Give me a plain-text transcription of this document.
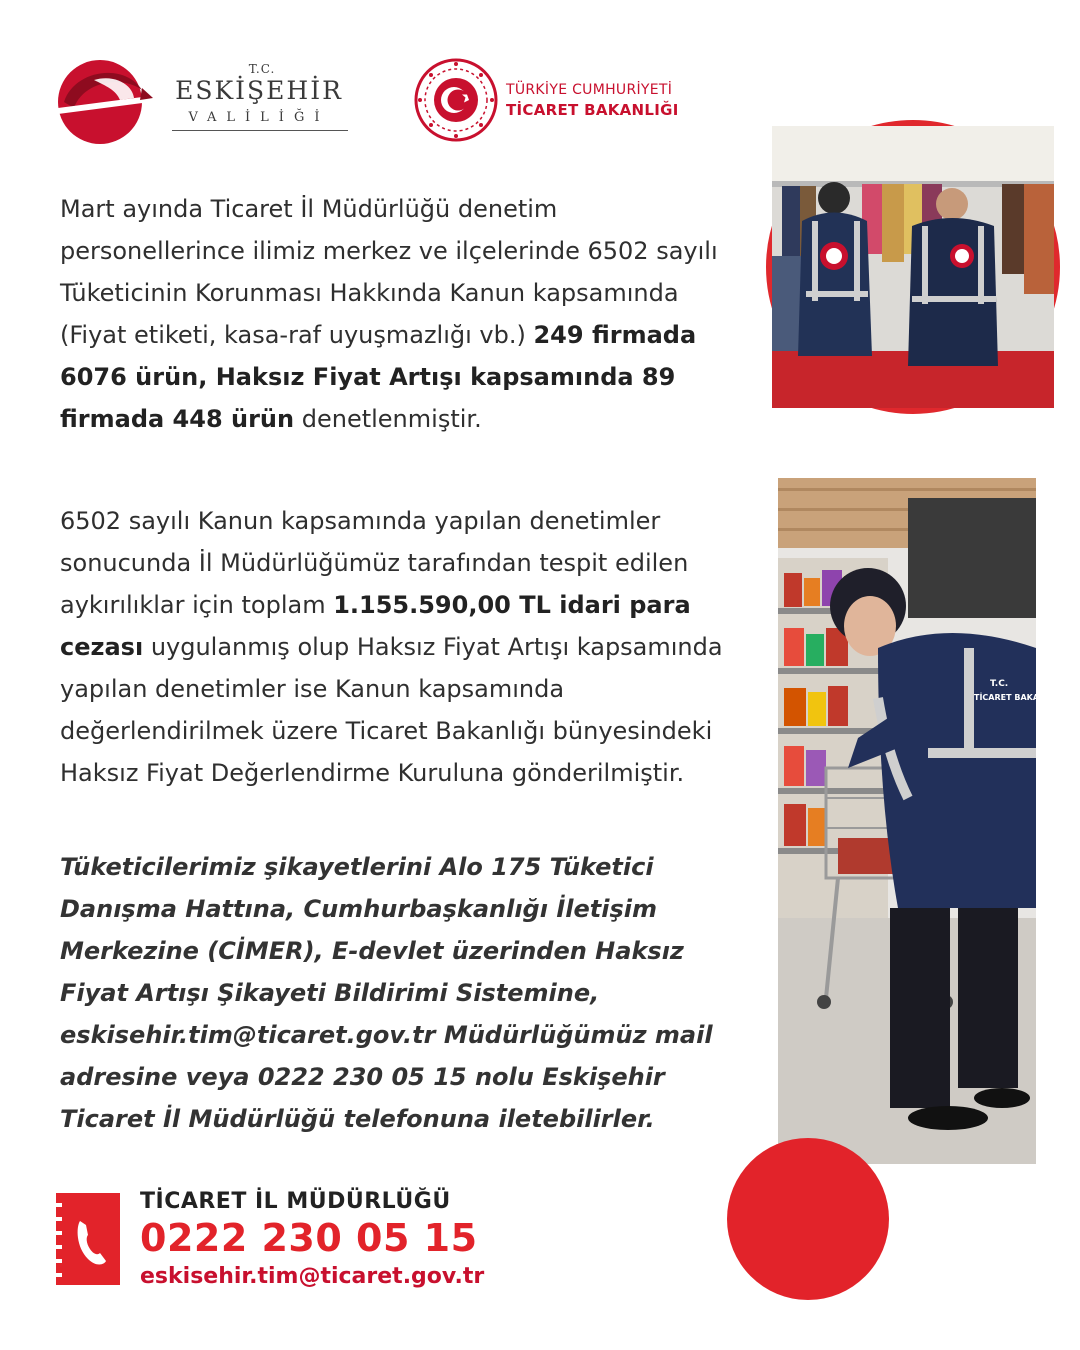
T.C.
ESKİŞEHİR
VALİLİĞİ
TÜRKİYE CUMHURİYETİ
TİCARET BAKANLIĞI
Mart ayında Ticaret İl Müdürlüğü denetim personellerince ilimiz merkez ve ilçelerinde 6502 sayılı Tüketicinin Korunması Hakkında Kanun kapsamında (Fiyat etiketi, kasa-raf uyuşmazlığı vb.) 249 firmada 6076 ürün, Haksız Fiyat Artışı kapsamında 89 firmada 448 ürün denetlenmiştir.
6502 sayılı Kanun kapsamında yapılan denetimler sonucunda İl Müdürlüğümüz tarafından tespit edilen aykırılıklar için toplam 1.155.590,00 TL idari para cezası uygulanmış olup Haksız Fiyat Artışı kapsamında yapılan denetimler ise Kanun kapsamında değerlendirilmek üzere Ticaret Bakanlığı bünyesindeki Haksız Fiyat Değerlendirme Kuruluna gönderilmiştir.
Tüketicilerimiz şikayetlerini Alo 175 Tüketici Danışma Hattına, Cumhurbaşkanlığı İletişim Merkezine (CİMER), E-devlet üzerinden Haksız Fiyat Artışı Şikayeti Bildirimi Sistemine, eskisehir.tim@ticaret.gov.tr Müdürlüğümüz mail adresine veya 0222 230 05 15 nolu Eskişehir Ticaret İl Müdürlüğü telefonuna iletebilirler.
T.C.
TİCARET BAKANLIĞI
TİCARET İL MÜDÜRLÜĞÜ
0222 230 05 15
eskisehir.tim@ticaret.gov.tr
